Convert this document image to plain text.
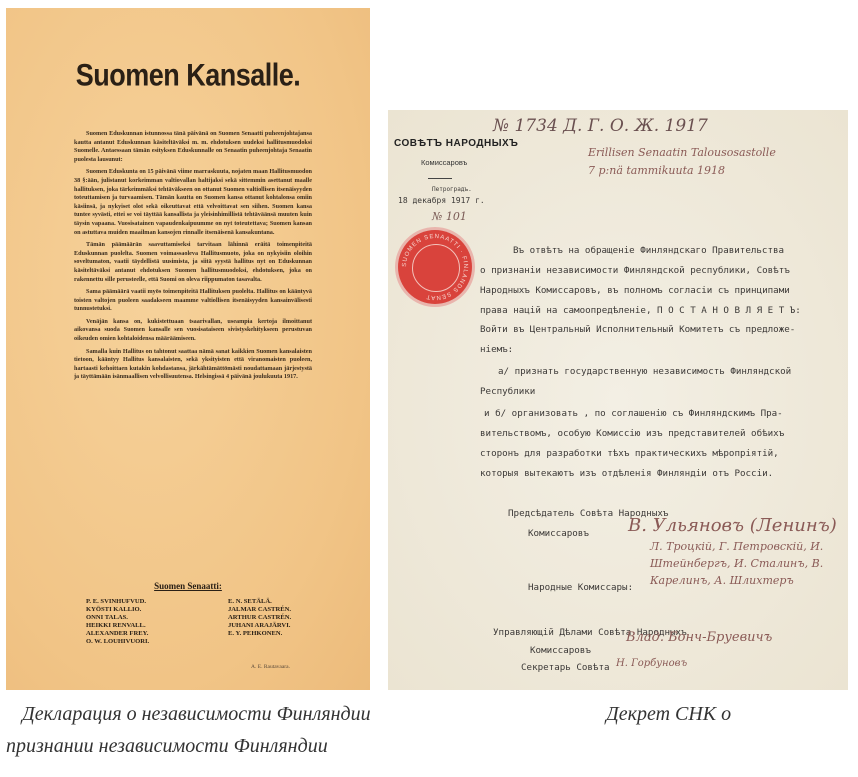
Suomen Kansalle.

Suomen Eduskunnan istunnossa tänä päivänä on Suomen Senaatti puheenjohtajansa kautta antanut Eduskunnan käsiteltäväksi m. m. ehdotuksen uudeksi hallitusmuodoksi Suomelle. Antaessaan tämän esityksen Eduskunnalle on Senaatin puheenjohtaja Senaatin puolesta lausunut:

Suomen Eduskunta on 15 päivänä viime marraskuuta, nojaten maan Hallitusmuodon 38 §:ään, julistanut korkeimman valtiovallan haltijaksi sekä sittemmin asettanut maalle hallituksen, joka tärkeimmäksi tehtäväkseen on ottanut Suomen valtiollisen itsenäisyyden toteuttamisen ja turvaamisen. Tämän kautta on Suomen kansa ottanut kohtalonsa omiin käsiinsä, ja nykyiset olot sekä oikeuttavat että velvoittavat sen siihen. Suomen kansa tuntee syvästi, ettei se voi täyttää kansallista ja yleisinhimillistä tehtäväänsä muuten kuin täysin vapaana. Vuosisatainen vapaudenkaipuumme on nyt toteutettava; Suomen kansan on astuttava muiden maailman kansojen rinnalle itsenäisenä kansakuntana.

Tämän päämäärän saavuttamiseksi tarvitaan lähinnä eräitä toimenpiteitä Eduskunnan puolelta. Suomen voimassaoleva Hallitusmuoto, joka on nykyisiin oloihin soveltumaton, vaatii täydellistä uusimista, ja siitä syystä hallitus nyt on Eduskunnan käsiteltäväksi antanut ehdotuksen Suomen hallitusmuodoksi, ehdotuksen, joka on rakennettu sille perusteelle, että Suomi on oleva riippumaton tasavalta.

Sama päämäärä vaatii myös toimenpiteitä Hallituksen puolelta. Hallitus on kääntyvä toisten valtojen puoleen saadakseen maamme valtiollisen itsenäisyyden kansainvälisesti tunnustetuksi.

Venäjän kansa on, kukistettuaan tsaarivallan, useampia kertoja ilmoittanut aikovansa suoda Suomen kansalle sen vuosisataiseen sivistyskehitykseen perustuvan oikeuden omien kohtaloidensa määräämiseen.

Samalla kuin Hallitus on tahtonut saattaa nämä sanat kaikkien Suomen kansalaisten tietoon, kääntyy Hallitus kansalaisten, sekä yksityisten että viranomaisten puoleen, hartaasti kehoittaen kutakin kohdastansa, järkähtämättömästi noudattamaan järjestystä ja täyttämään isänmaallisen velvollisuutensa. Helsingissä 4 päivänä joulukuuta 1917.

Suomen Senaatti:
P. E. SVINHUFVUD.
KYÖSTI KALLIO.
ONNI TALAS.
HEIKKI RENVALL.
ALEXANDER FREY.
O. W. LOUHIVUORI.
E. N. SETÄLÄ.
JALMAR CASTRÉN.
ARTHUR CASTRÉN.
JUHANI ARAJÄRVI.
E. Y. PEHKONEN.
A. E. Rautavaara.
№ 1734 Д. Г. О. Ж. 1917
СОВѢТЪ НАРОДНЫХЪ
Комиссаровъ
Erillisen Senaatin Talousosastolle
7 p:nä tammikuuta 1918
Петроградъ.
18 декабря 1917 г.
№ 101
SUOMEN SENAATTI · FINLANDS SENAT
Въ отвѣтъ на обращеніе Финляндскаго Правительства
о признаніи независимости Финляндской республики, Совѣтъ
Народныхъ Комиссаровъ, въ полномъ согласіи съ принципами
права націй на самоопредѣленіе, П О С Т А Н О В Л Я Е Т Ъ:
Войти въ Центральный Исполнительный Комитетъ съ предложе-
ніемъ:
а/ признать государственную независимость Финляндской
Республики
и б/ организовать , по соглашенію съ Финляндскимъ Пра-
вительствомъ, особую Комиссію изъ представителей обѣихъ
сторонъ для разработки тѣхъ практическихъ мѣропріятій,
которыя вытекаютъ изъ отдѣленія Финляндіи отъ Россіи.
Предсѣдатель Совѣта Народныхъ
Комиссаровъ В. Ульяновъ (Ленинъ)
Народные Комиссары:
Л. Троцкій, Г. Петровскій, И. Штейнбергъ, И. Сталинъ, В. Карелинъ, А. Шлихтеръ
Управляющій Дѣлами Совѣта Народныхъ
Комиссаровъ
Влад. Бонч-Бруевичъ
Секретарь Совѣта Н. Горбуновъ
Декларация о независимости Финляндии
признании независимости Финляндии
Декрет СНК о
